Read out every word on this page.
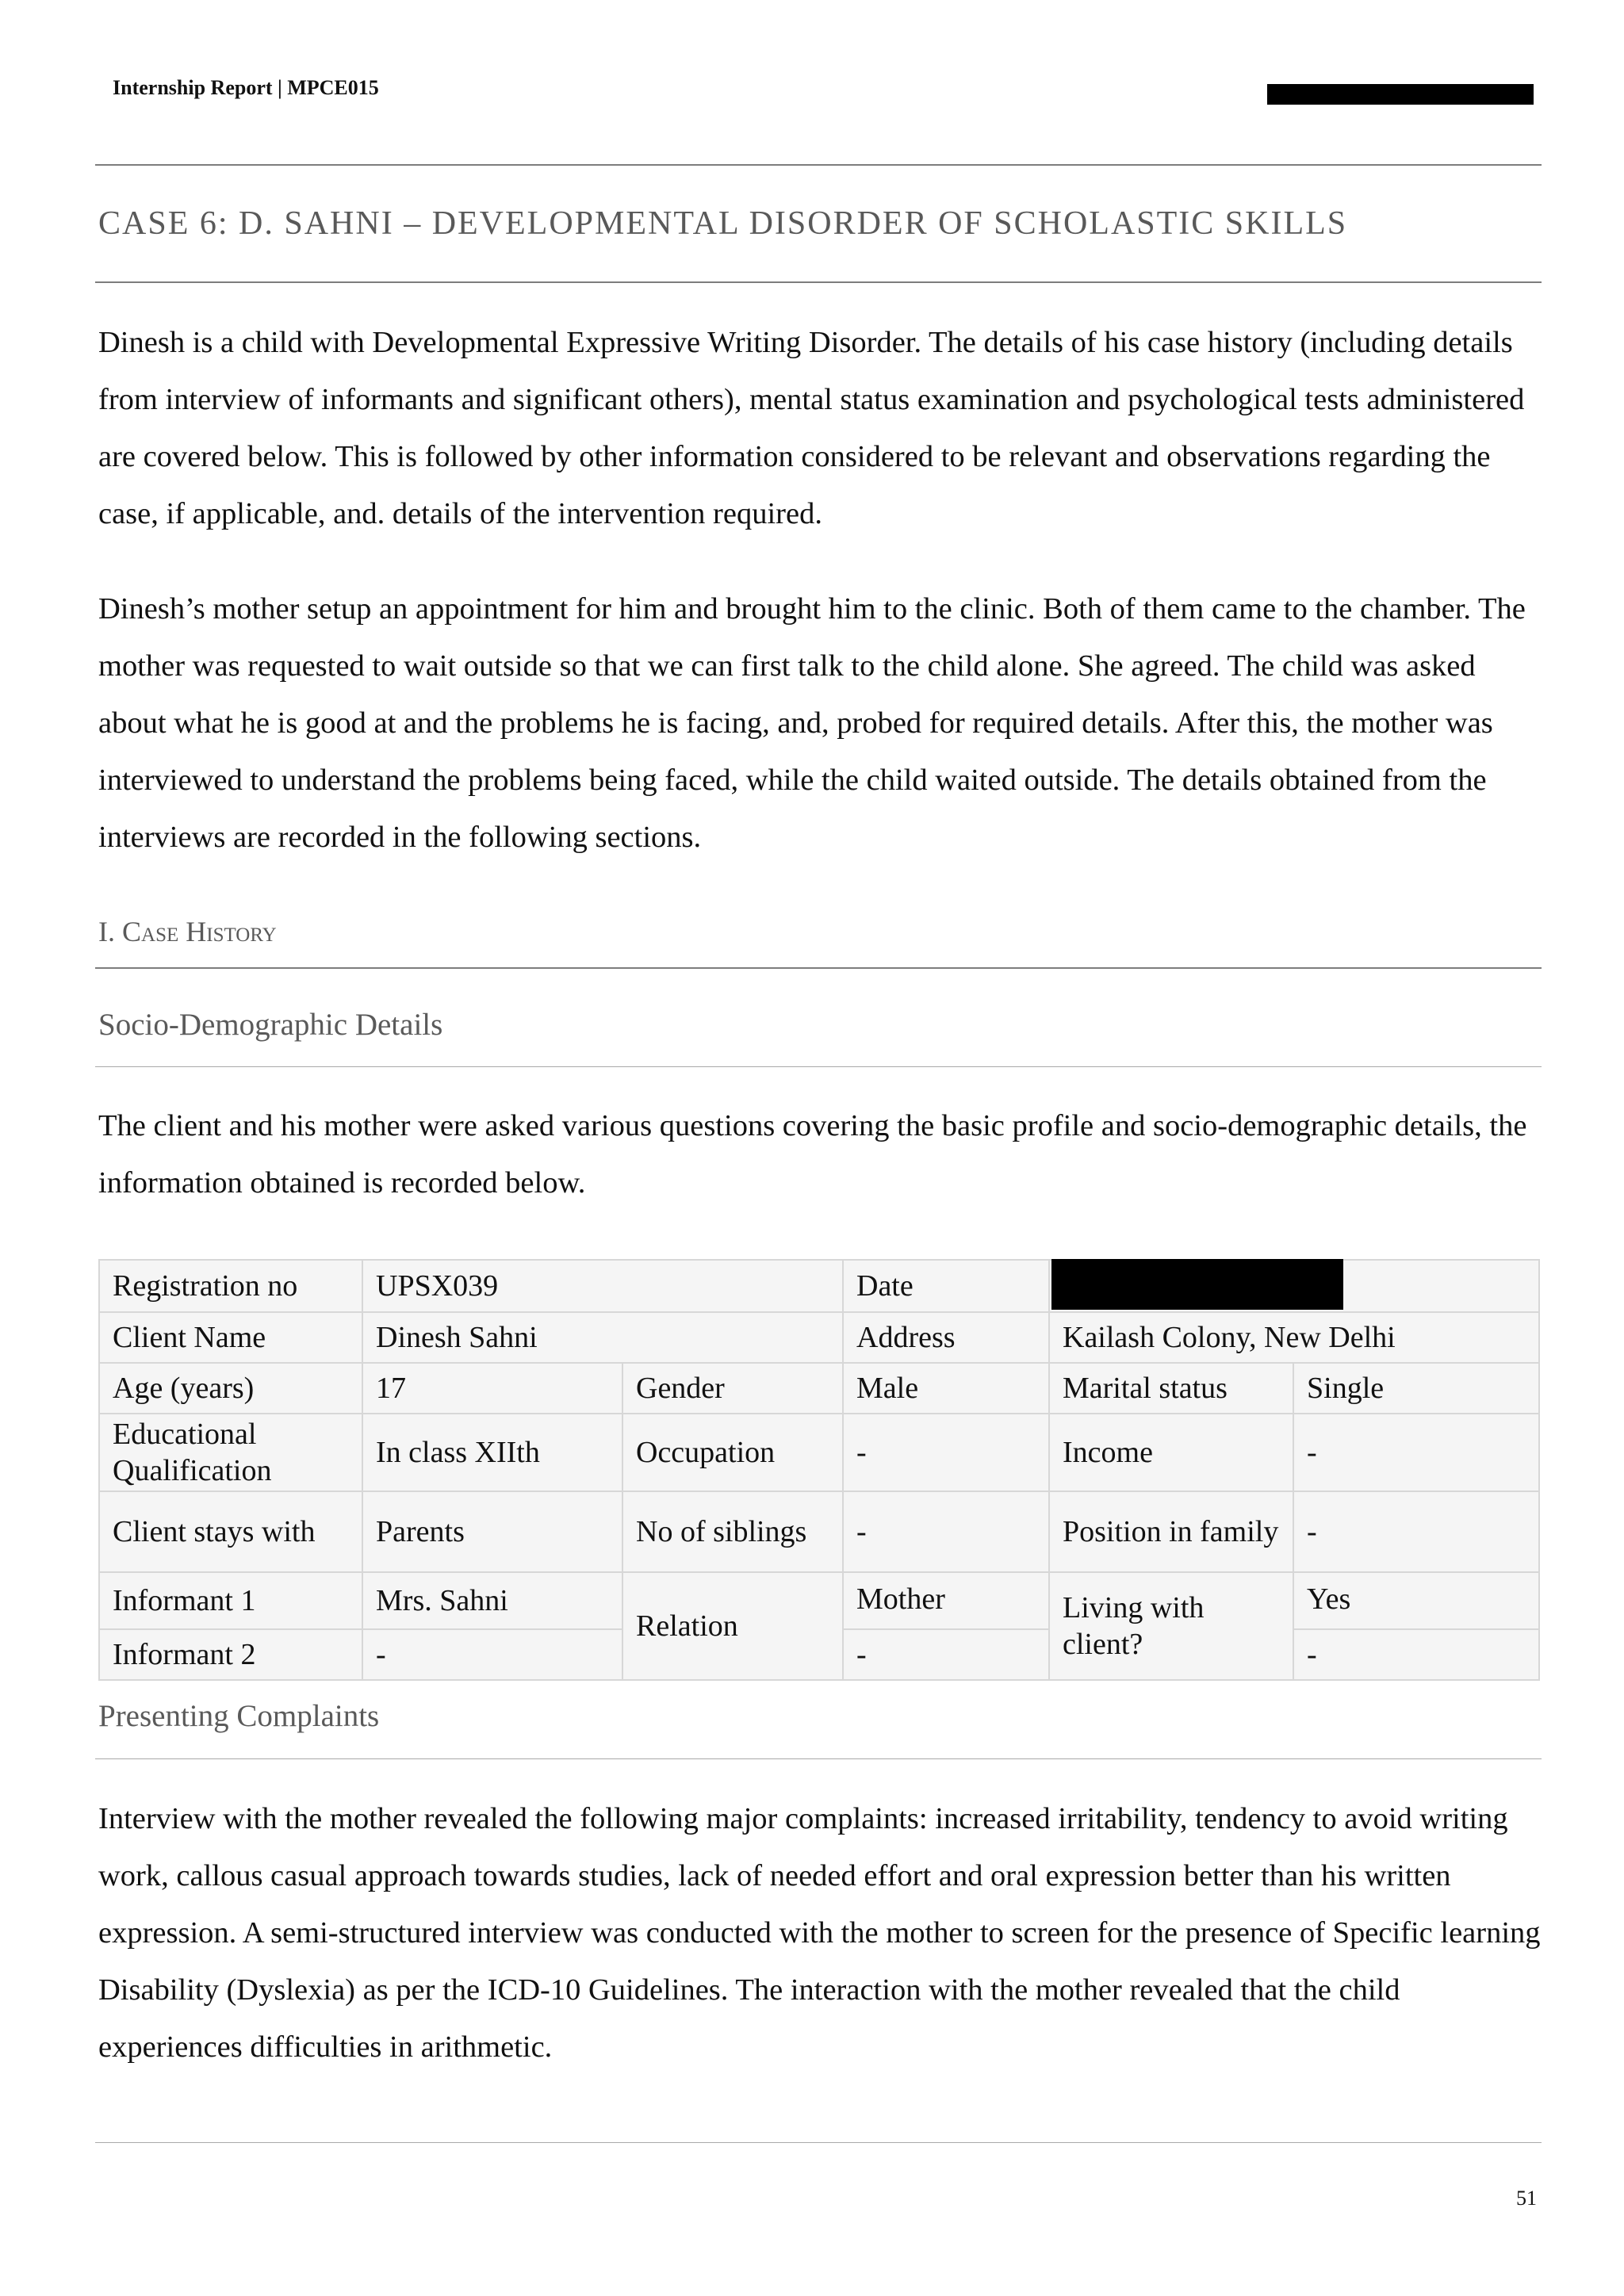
Internship Report | MPCE015
CASE 6: D. SAHNI – DEVELOPMENTAL DISORDER OF SCHOLASTIC SKILLS
Dinesh is a child with Developmental Expressive Writing Disorder. The details of his case history (including details from interview of informants and significant others), mental status examination and psychological tests administered are covered below. This is followed by other information considered to be relevant and observations regarding the case, if applicable, and. details of the intervention required.
Dinesh’s mother setup an appointment for him and brought him to the clinic. Both of them came to the chamber. The mother was requested to wait outside so that we can first talk to the child alone. She agreed. The child was asked about what he is good at and the problems he is facing, and, probed for required details. After this, the mother was interviewed to understand the problems being faced, while the child waited outside. The details obtained from the interviews are recorded in the following sections.
I. Case History
Socio-Demographic Details
The client and his mother were asked various questions covering the basic profile and socio-demographic details, the information obtained is recorded below.
Registration no	UPSX039		Date		
Client Name	Dinesh Sahni		Address	Kailash Colony, New Delhi	
Age (years)	17	Gender	Male	Marital status	Single
Educational Qualification	In class XIIth	Occupation	-	Income	-
Client stays with	Parents	No of siblings	-	Position in family	-
Informant 1	Mrs. Sahni	Relation	Mother	Living with client?	Yes
Informant 2	-		-		-
Presenting Complaints
Interview with the mother revealed the following major complaints: increased irritability, tendency to avoid writing work, callous casual approach towards studies, lack of needed effort and oral expression better than his written expression. A semi-structured interview was conducted with the mother to screen for the presence of Specific learning Disability (Dyslexia) as per the ICD-10 Guidelines. The interaction with the mother revealed that the child experiences difficulties in arithmetic.
51
